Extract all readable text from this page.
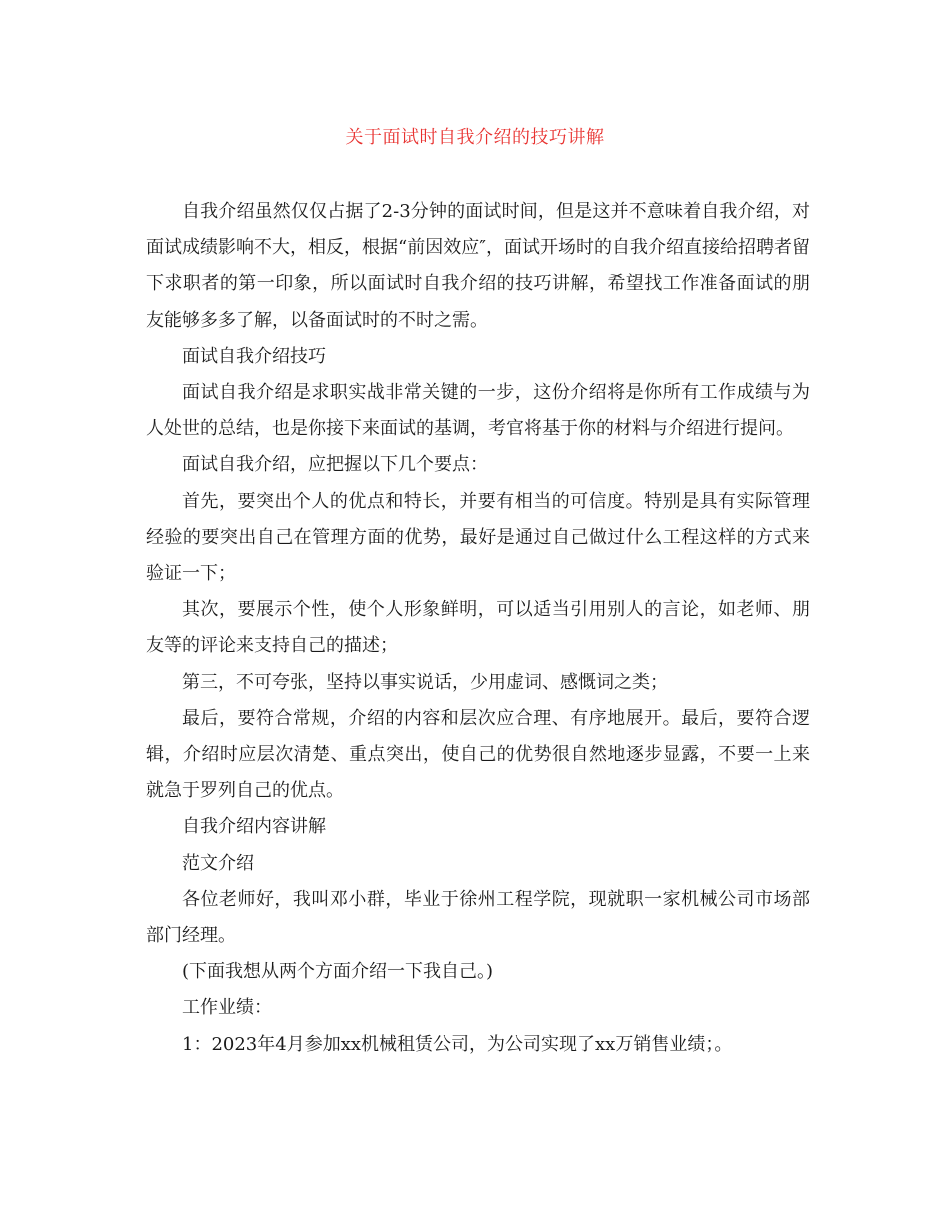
关于面试时自我介绍的技巧讲解

自我介绍虽然仅仅占据了2-3分钟的面试时间，但是这并不意味着自我介绍，对面试成绩影响不大，相反，根据“前因效应″，面试开场时的自我介绍直接给招聘者留下求职者的第一印象，所以面试时自我介绍的技巧讲解，希望找工作准备面试的朋友能够多多了解，以备面试时的不时之需。

面试自我介绍技巧

面试自我介绍是求职实战非常关键的一步，这份介绍将是你所有工作成绩与为人处世的总结，也是你接下来面试的基调，考官将基于你的材料与介绍进行提问。

面试自我介绍，应把握以下几个要点：

首先，要突出个人的优点和特长，并要有相当的可信度。特别是具有实际管理经验的要突出自己在管理方面的优势，最好是通过自己做过什么工程这样的方式来验证一下；

其次，要展示个性，使个人形象鲜明，可以适当引用别人的言论，如老师、朋友等的评论来支持自己的描述；

第三，不可夸张，坚持以事实说话，少用虚词、感慨词之类；

最后，要符合常规，介绍的内容和层次应合理、有序地展开。最后，要符合逻辑，介绍时应层次清楚、重点突出，使自己的优势很自然地逐步显露，不要一上来就急于罗列自己的优点。

自我介绍内容讲解

范文介绍

各位老师好，我叫邓小群，毕业于徐州工程学院，现就职一家机械公司市场部部门经理。

(下面我想从两个方面介绍一下我自己。)

工作业绩：

1：2023年4月参加xx机械租赁公司，为公司实现了xx万销售业绩；。
